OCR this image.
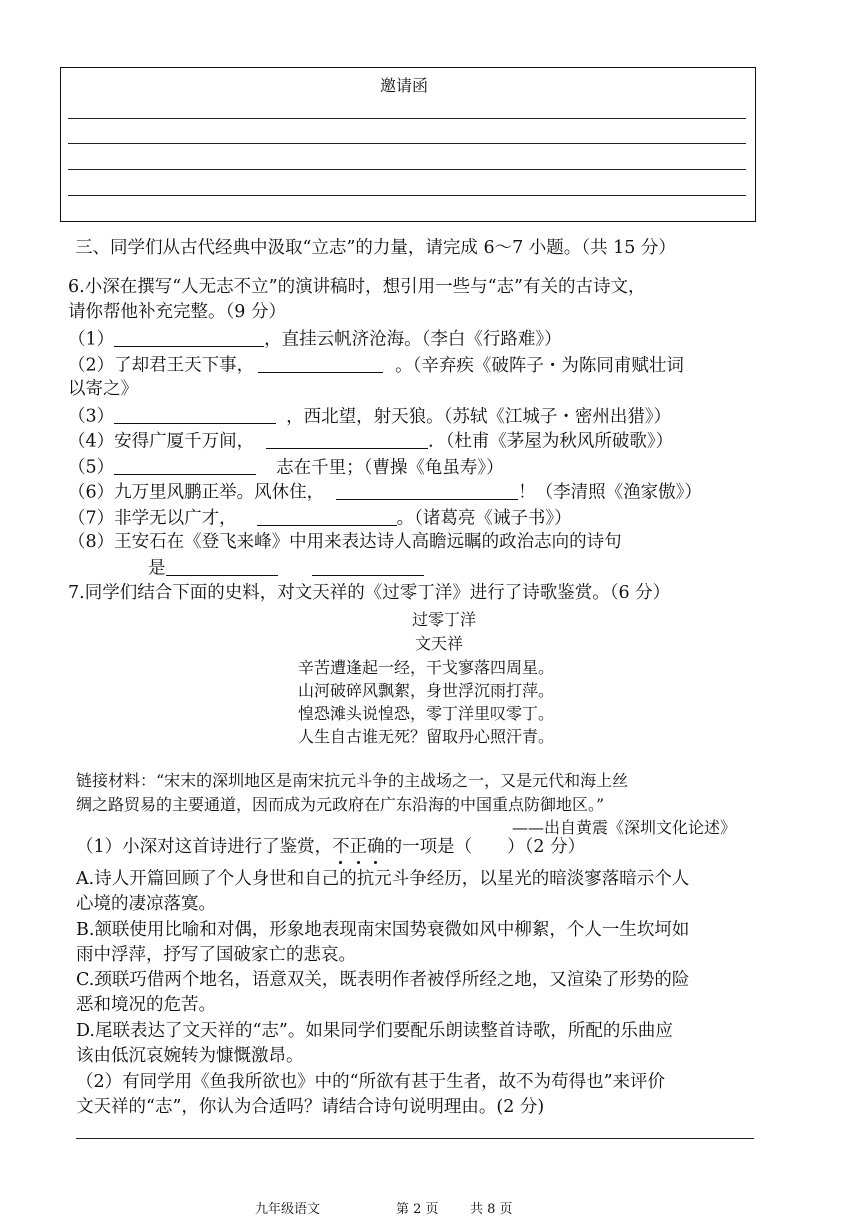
邀请函
三、同学们从古代经典中汲取“立志”的力量，请完成 6～7 小题。（共 15 分）
6.小深在撰写“人无志不立”的演讲稿时，想引用一些与“志”有关的古诗文，
请你帮他补充完整。（9 分）
（1）	，直挂云帆济沧海。（李白《行路难》）
（2）了却君王天下事，	。（辛弃疾《破阵子・为陈同甫赋壮词
以寄之》
（3）	，西北望，射天狼。（苏轼《江城子・密州出猎》）
（4）安得广厦千万间，	．（杜甫《茅屋为秋风所破歌》）
（5）	志在千里；（曹操《龟虽寿》）
（6）九万里风鹏正举。风休住，	！（李清照《渔家傲》）
（7）非学无以广才，	。（诸葛亮《诫子书》）
（8）王安石在《登飞来峰》中用来表达诗人高瞻远瞩的政治志向的诗句
是
7.同学们结合下面的史料，对文天祥的《过零丁洋》进行了诗歌鉴赏。（6 分）
过零丁洋
文天祥
辛苦遭逢起一经，干戈寥落四周星。
山河破碎风飘絮，身世浮沉雨打萍。
惶恐滩头说惶恐，零丁洋里叹零丁。
人生自古谁无死？留取丹心照汗青。
链接材料：“宋末的深圳地区是南宋抗元斗争的主战场之一，又是元代和海上丝
绸之路贸易的主要通道，因而成为元政府在广东沿海的中国重点防御地区。”
——出自黄震《深圳文化论述》
（1）小深对这首诗进行了鉴赏，不正确的一项是（　　）（2 分）
A.诗人开篇回顾了个人身世和自己的抗元斗争经历，以星光的暗淡寥落暗示个人
心境的凄凉落寞。
B.颔联使用比喻和对偶，形象地表现南宋国势衰微如风中柳絮，个人一生坎坷如
雨中浮萍，抒写了国破家亡的悲哀。
C.颈联巧借两个地名，语意双关，既表明作者被俘所经之地，又渲染了形势的险
恶和境况的危苦。
D.尾联表达了文天祥的“志”。如果同学们要配乐朗读整首诗歌，所配的乐曲应
该由低沉哀婉转为慷慨激昂。
（2）有同学用《鱼我所欲也》中的“所欲有甚于生者，故不为苟得也”来评价
文天祥的“志”，你认为合适吗？请结合诗句说明理由。(2 分)
九年级语文	第 2 页 共 8 页
